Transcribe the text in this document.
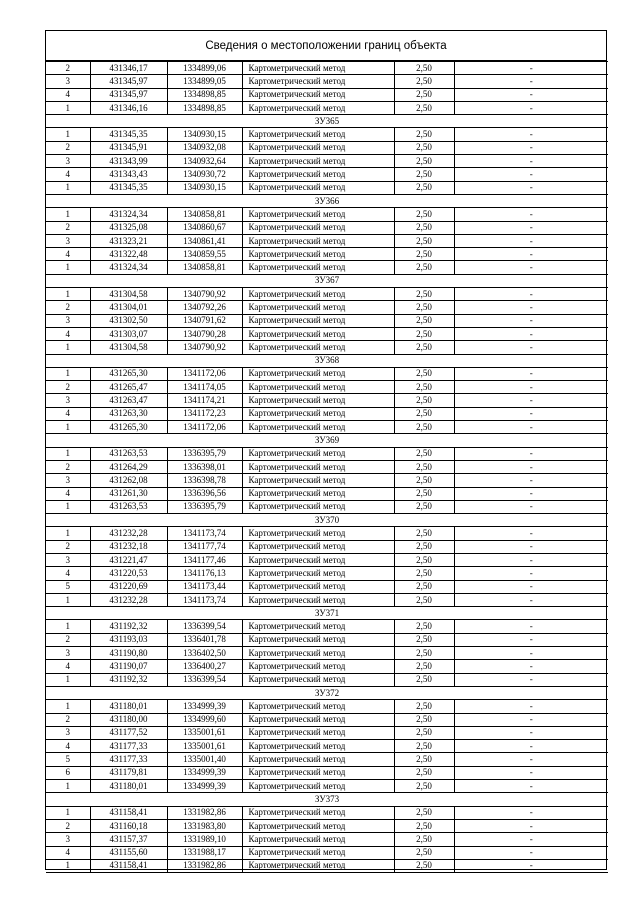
Сведения о местоположении границ объекта
2	431346,17	1334899,06	Картометрический метод	2,50	-
3	431345,97	1334899,05	Картометрический метод	2,50	-
4	431345,97	1334898,85	Картометрический метод	2,50	-
1	431346,16	1334898,85	Картометрический метод	2,50	-
ЗУ365					
1	431345,35	1340930,15	Картометрический метод	2,50	-
2	431345,91	1340932,08	Картометрический метод	2,50	-
3	431343,99	1340932,64	Картометрический метод	2,50	-
4	431343,43	1340930,72	Картометрический метод	2,50	-
1	431345,35	1340930,15	Картометрический метод	2,50	-
ЗУ366					
1	431324,34	1340858,81	Картометрический метод	2,50	-
2	431325,08	1340860,67	Картометрический метод	2,50	-
3	431323,21	1340861,41	Картометрический метод	2,50	-
4	431322,48	1340859,55	Картометрический метод	2,50	-
1	431324,34	1340858,81	Картометрический метод	2,50	-
ЗУ367					
1	431304,58	1340790,92	Картометрический метод	2,50	-
2	431304,01	1340792,26	Картометрический метод	2,50	-
3	431302,50	1340791,62	Картометрический метод	2,50	-
4	431303,07	1340790,28	Картометрический метод	2,50	-
1	431304,58	1340790,92	Картометрический метод	2,50	-
ЗУ368					
1	431265,30	1341172,06	Картометрический метод	2,50	-
2	431265,47	1341174,05	Картометрический метод	2,50	-
3	431263,47	1341174,21	Картометрический метод	2,50	-
4	431263,30	1341172,23	Картометрический метод	2,50	-
1	431265,30	1341172,06	Картометрический метод	2,50	-
ЗУ369					
1	431263,53	1336395,79	Картометрический метод	2,50	-
2	431264,29	1336398,01	Картометрический метод	2,50	-
3	431262,08	1336398,78	Картометрический метод	2,50	-
4	431261,30	1336396,56	Картометрический метод	2,50	-
1	431263,53	1336395,79	Картометрический метод	2,50	-
ЗУ370					
1	431232,28	1341173,74	Картометрический метод	2,50	-
2	431232,18	1341177,74	Картометрический метод	2,50	-
3	431221,47	1341177,46	Картометрический метод	2,50	-
4	431220,53	1341176,13	Картометрический метод	2,50	-
5	431220,69	1341173,44	Картометрический метод	2,50	-
1	431232,28	1341173,74	Картометрический метод	2,50	-
ЗУ371					
1	431192,32	1336399,54	Картометрический метод	2,50	-
2	431193,03	1336401,78	Картометрический метод	2,50	-
3	431190,80	1336402,50	Картометрический метод	2,50	-
4	431190,07	1336400,27	Картометрический метод	2,50	-
1	431192,32	1336399,54	Картометрический метод	2,50	-
ЗУ372					
1	431180,01	1334999,39	Картометрический метод	2,50	-
2	431180,00	1334999,60	Картометрический метод	2,50	-
3	431177,52	1335001,61	Картометрический метод	2,50	-
4	431177,33	1335001,61	Картометрический метод	2,50	-
5	431177,33	1335001,40	Картометрический метод	2,50	-
6	431179,81	1334999,39	Картометрический метод	2,50	-
1	431180,01	1334999,39	Картометрический метод	2,50	-
ЗУ373					
1	431158,41	1331982,86	Картометрический метод	2,50	-
2	431160,18	1331983,80	Картометрический метод	2,50	-
3	431157,37	1331989,10	Картометрический метод	2,50	-
4	431155,60	1331988,17	Картометрический метод	2,50	-
1	431158,41	1331982,86	Картометрический метод	2,50	-
